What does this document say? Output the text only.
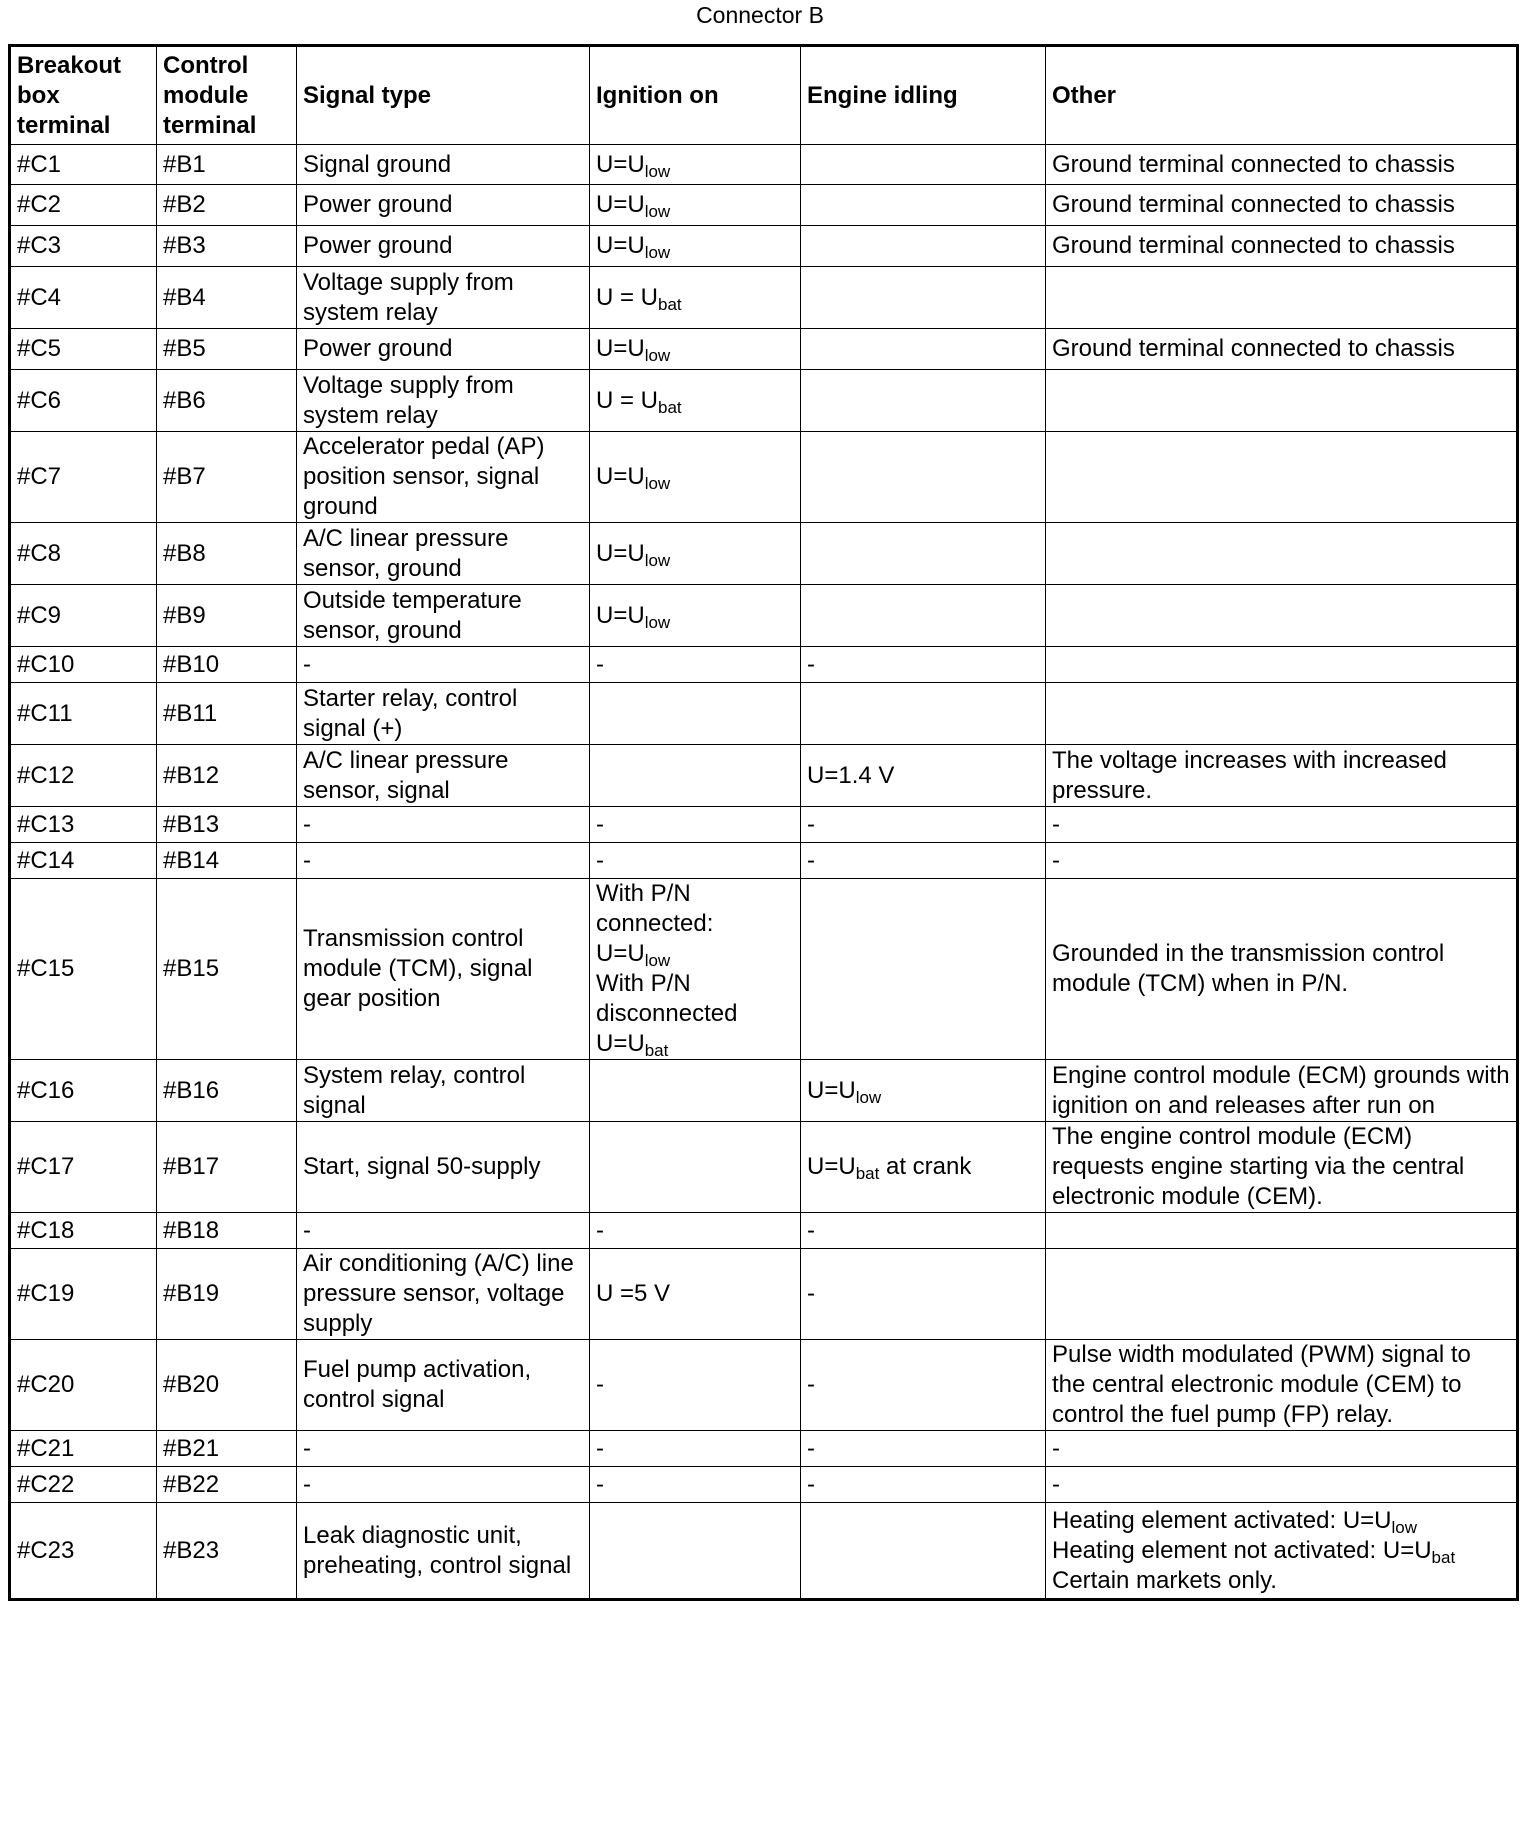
Connector B
Breakout box terminal	Control module terminal	Signal type	Ignition on	Engine idling	Other
#C1	#B1	Signal ground	$U=U_{low}$		Ground terminal connected to chassis
#C2	#B2	Power ground	$U=U_{low}$		Ground terminal connected to chassis
#C3	#B3	Power ground	$U=U_{low}$		Ground terminal connected to chassis
#C4	#B4	Voltage supply from system relay	$U = U_{bat}$		
#C5	#B5	Power ground	$U=U_{low}$		Ground terminal connected to chassis
#C6	#B6	Voltage supply from system relay	$U = U_{bat}$		
#C7	#B7	Accelerator pedal (AP) position sensor, signal ground	$U=U_{low}$		
#C8	#B8	A/C linear pressure sensor, ground	$U=U_{low}$		
#C9	#B9	Outside temperature sensor, ground	$U=U_{low}$		
#C10	#B10	-	-	-	
#C11	#B11	Starter relay, control signal (+)			
#C12	#B12	A/C linear pressure sensor, signal		U=1.4 V	The voltage increases with increased pressure.
#C13	#B13	-	-	-	-
#C14	#B14	-	-	-	-
#C15	#B15	Transmission control module (TCM), signal gear position	With P/N connected:
$U=U_{low}$
With P/N disconnected
$U=U_{bat}$		Grounded in the transmission control module (TCM) when in P/N.
#C16	#B16	System relay, control signal		$U=U_{low}$	Engine control module (ECM) grounds with ignition on and releases after run on
#C17	#B17	Start, signal 50-supply		$U=U_{bat}$ at crank	The engine control module (ECM) requests engine starting via the central electronic module (CEM).
#C18	#B18	-	-	-	
#C19	#B19	Air conditioning (A/C) line pressure sensor, voltage supply	U =5 V	-	
#C20	#B20	Fuel pump activation, control signal	-	-	Pulse width modulated (PWM) signal to the central electronic module (CEM) to control the fuel pump (FP) relay.
#C21	#B21	-	-	-	-
#C22	#B22	-	-	-	-
#C23	#B23	Leak diagnostic unit, preheating, control signal			Heating element activated: $U=U_{low}$
Heating element not activated: $U=U_{bat}$
Certain markets only.
